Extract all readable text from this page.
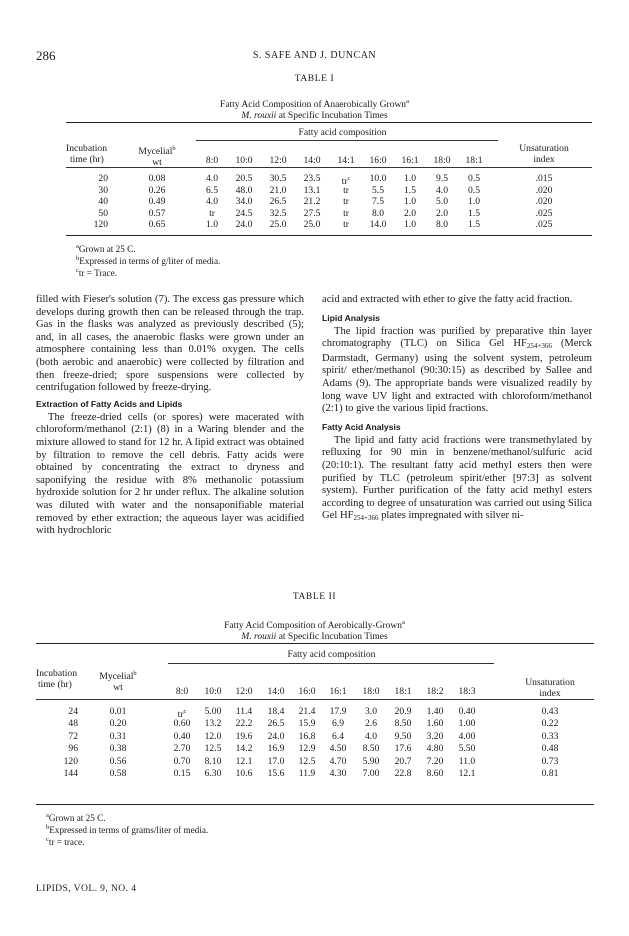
286	S. SAFE AND J. DUNCAN
TABLE I
Fatty Acid Composition of Anaerobically Grown$^a$
M. rouxii at Specific Incubation Times
Fatty acid composition
Incubation
time (hr)
Mycelial$^b$
wt
Unsaturation
index
8:0	10:0	12:0	14:0	14:1	16:0	16:1	18:0	18:1
20	0.08	4.0	20.5	30.5	23.5	$tr^c$	10.0	1.0	9.5	0.5	.015
30	0.26	6.5	48.0	21.0	13.1	tr	5.5	1.5	4.0	0.5	.020
40	0.49	4.0	34.0	26.5	21.2	tr	7.5	1.0	5.0	1.0	.020
50	0.57	tr	24.5	32.5	27.5	tr	8.0	2.0	2.0	1.5	.025
120	0.65	1.0	24.0	25.0	25.0	tr	14.0	1.0	8.0	1.5	.025
$^a$Grown at 25 C.
$^b$Expressed in terms of g/liter of media.
$^c$tr = Trace.

filled with Fieser's solution (7). The excess gas pressure which develops during growth then can be released through the trap. Gas in the flasks was analyzed as previously described (5); and, in all cases, the anaerobic flasks were grown under an atmosphere containing less than 0.01% oxygen. The cells (both aerobic and anaerobic) were collected by filtration and then freeze-dried; spore suspensions were collected by centrifugation followed by freeze-drying.

Extraction of Fatty Acids and Lipids

The freeze-dried cells (or spores) were macerated with chloroform/methanol (2:1) (8) in a Waring blender and the mixture allowed to stand for 12 hr. A lipid extract was obtained by filtration to remove the cell debris. Fatty acids were obtained by concentrating the extract to dryness and saponifying the residue with 8% methanolic potassium hydroxide solution for 2 hr under reflux. The alkaline solution was diluted with water and the nonsaponifiable material removed by ether extraction; the aqueous layer was acidified with hydrochloric

acid and extracted with ether to give the fatty acid fraction.

Lipid Analysis

The lipid fraction was purified by preparative thin layer chromatography (TLC) on Silica Gel $HF_{254+366}$ (Merck Darmstadt, Germany) using the solvent system, petroleum spirit/ ether/methanol (90:30:15) as described by Sallee and Adams (9). The appropriate bands were visualized readily by long wave UV light and extracted with chloroform/methanol (2:1) to give the various lipid fractions.

Fatty Acid Analysis

The lipid and fatty acid fractions were transmethylated by refluxing for 90 min in benzene/methanol/sulfuric acid (20:10:1). The resultant fatty acid methyl esters then were purified by TLC (petroleum spirit/ether [97:3] as solvent system). Further purification of the fatty acid methyl esters according to degree of unsaturation was carried out using Silica Gel $HF_{254+366}$ plates impregnated with silver ni-

TABLE II
Fatty Acid Composition of Aerobically-Grown$^a$
M. rouxii at Specific Incubation Times
Fatty acid composition
Incubation
time (hr)
Mycelial$^b$
wt	Unsaturation
index
8:0	10:0	12:0	14:0	16:0	16:1	18:0	18:1	18:2	18:3
24	0.01	$tr^c$	5.00	11.4	18.4	21.4	17.9	3.0	20.9	1.40	0.40	0.43
48	0.20	0.60	13.2	22.2	26.5	15.9	6.9	2.6	8.50	1.60	1.00	0.22
72	0.31	0.40	12.0	19.6	24.0	16.8	6.4	4.0	9.50	3.20	4.00	0.33
96	0.38	2.70	12.5	14.2	16.9	12.9	4.50	8.50	17.6	4.80	5.50	0.48
120	0.56	0.70	8.10	12.1	17.0	12.5	4.70	5.90	20.7	7.20	11.0	0.73
144	0.58	0.15	6.30	10.6	15.6	11.9	4.30	7.00	22.8	8.60	12.1	0.81
$^a$Grown at 25 C.
$^b$Expressed in terms of grams/liter of media.
$^c$tr = trace.
LIPIDS, VOL. 9, NO. 4
